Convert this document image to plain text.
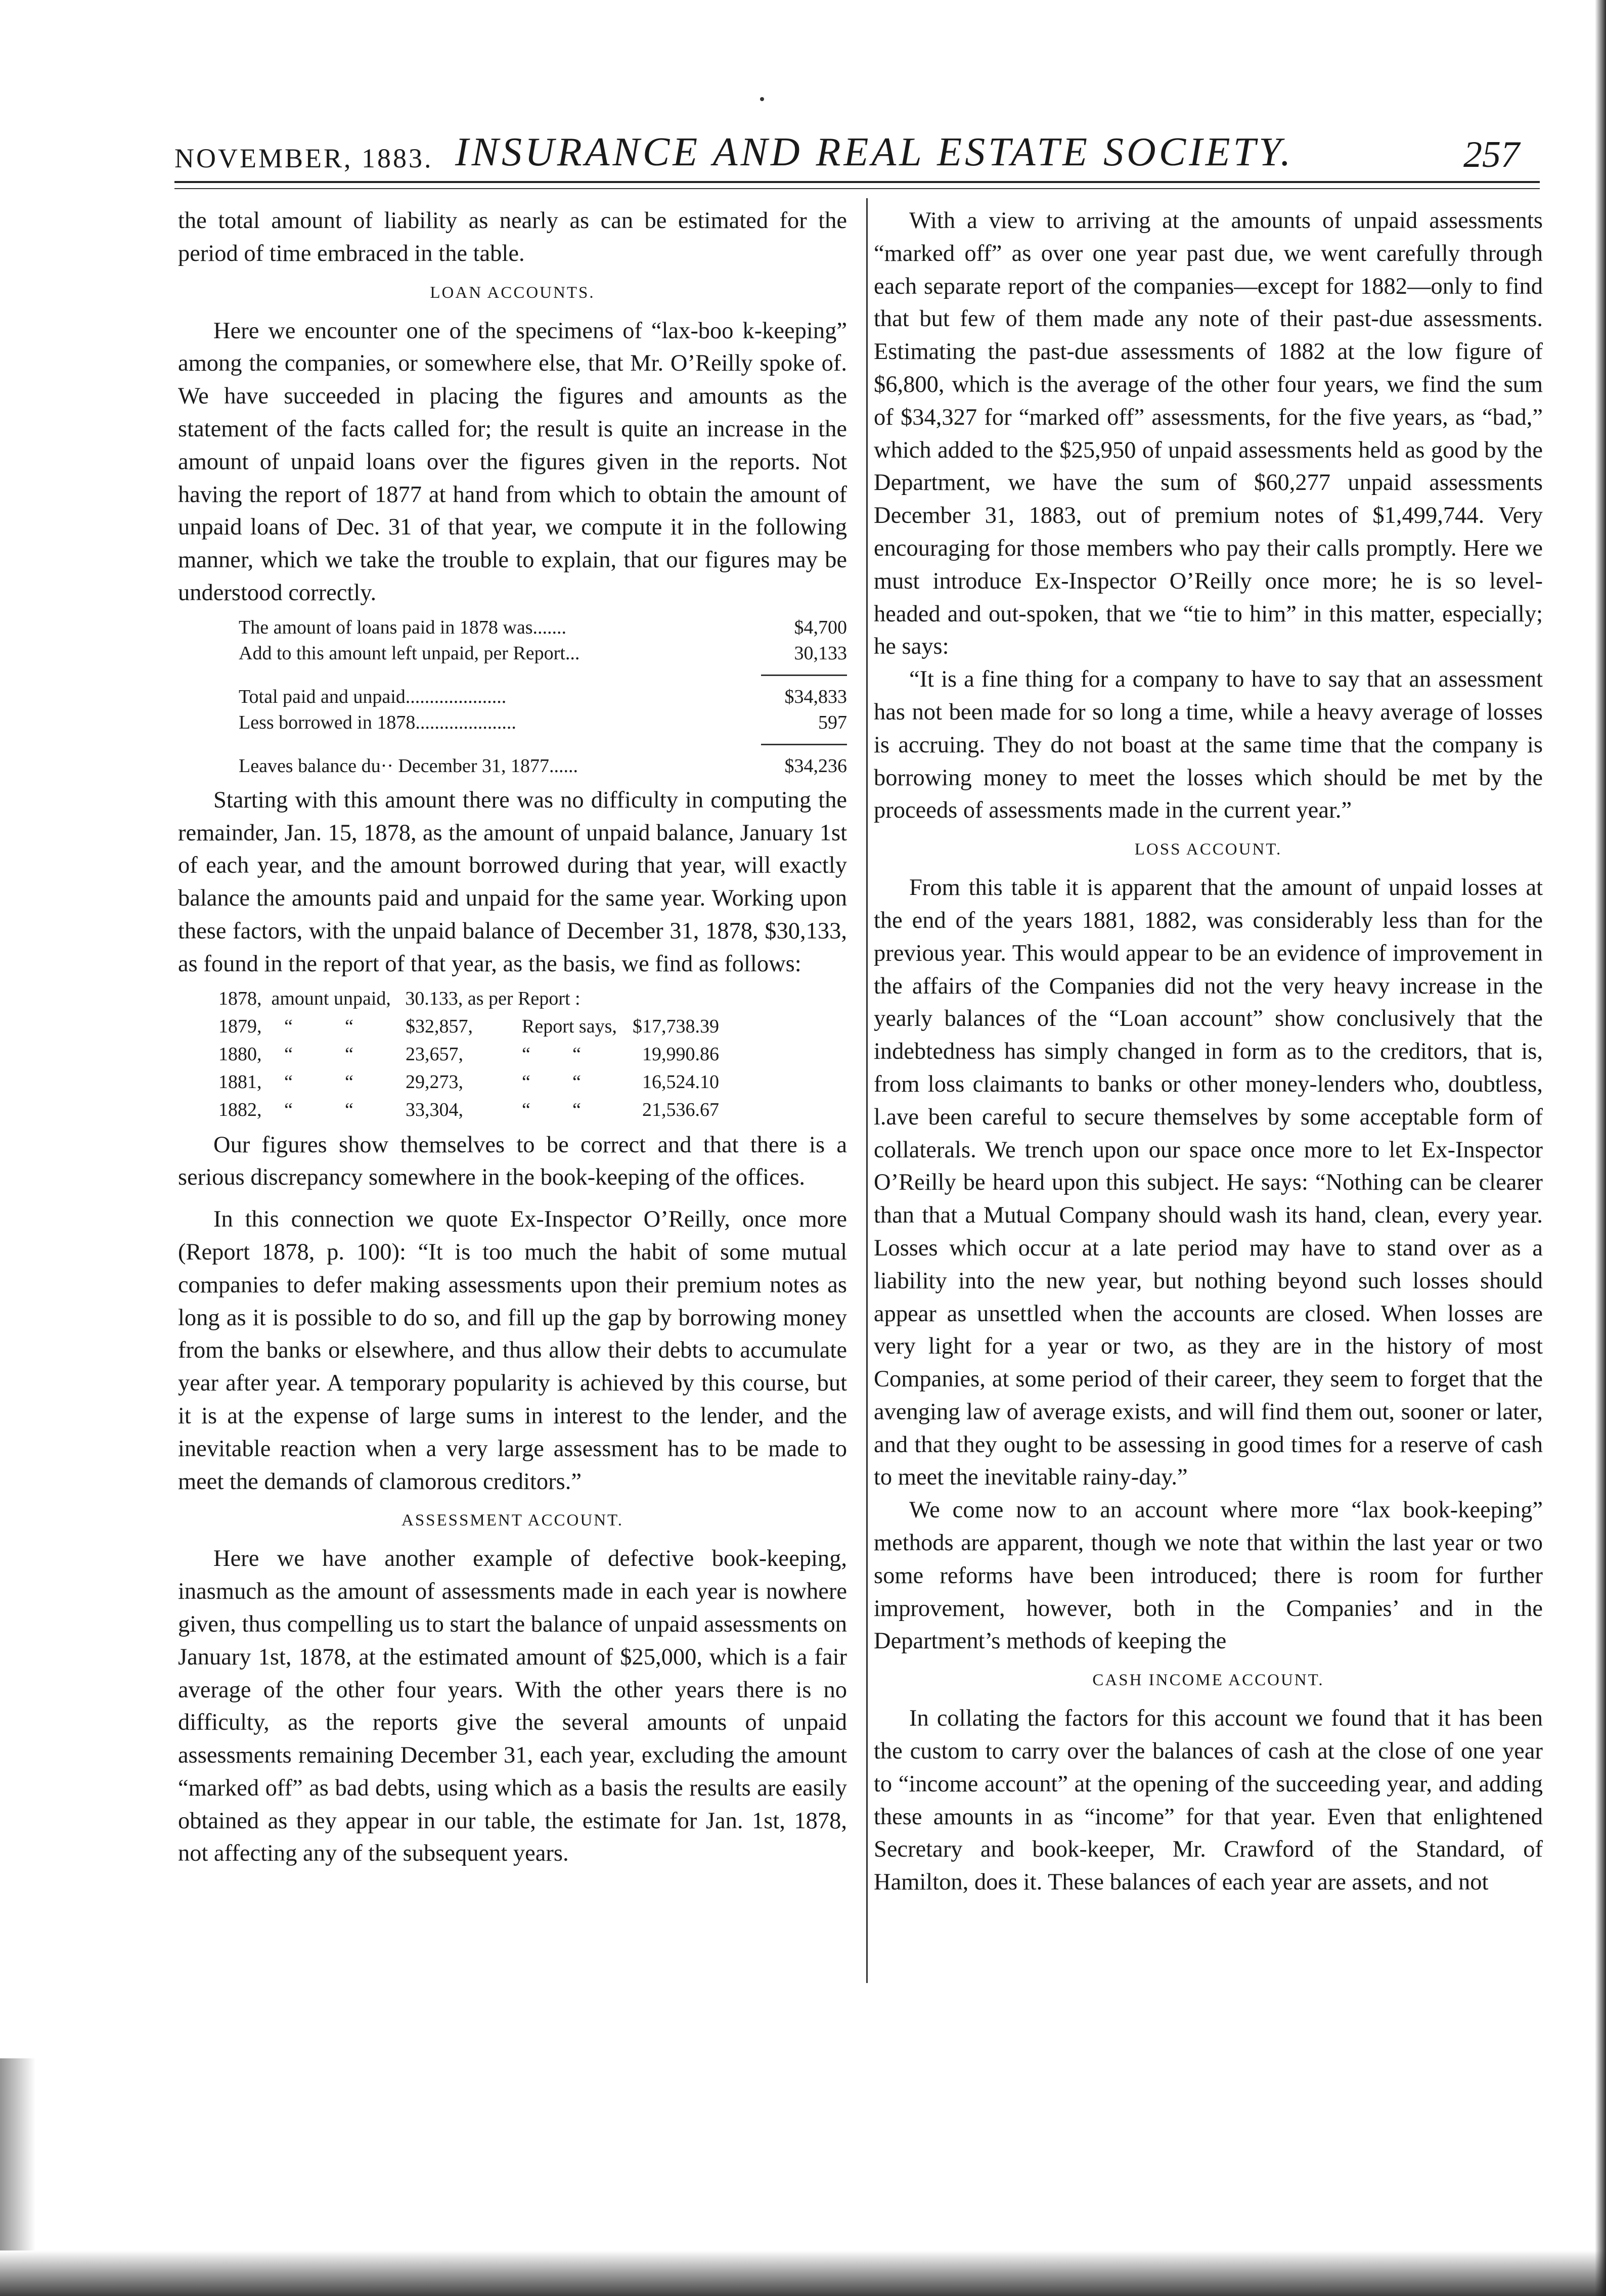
NOVEMBER, 1883. INSURANCE AND REAL ESTATE SOCIETY.	257

the total amount of liability as nearly as can be estimated for the period of time embraced in the table.

LOAN ACCOUNTS.

Here we encounter one of the specimens of “lax-boo k-keeping” among the companies, or somewhere else, that Mr. O’Reilly spoke of. We have succeeded in placing the figures and amounts as the statement of the facts called for; the result is quite an increase in the amount of unpaid loans over the figures given in the reports. Not having the report of 1877 at hand from which to obtain the amount of unpaid loans of Dec. 31 of that year, we compute it in the following manner, which we take the trouble to explain, that our figures may be understood correctly.

The amount of loans paid in 1878 was.......	$4,700
Add to this amount left unpaid, per Report...	30,133
Total paid and unpaid.....................	$34,833
Less borrowed in 1878.....................	597
Leaves balance du·· December 31, 1877......	$34,236

Starting with this amount there was no difficulty in computing the remainder, Jan. 15, 1878, as the amount of unpaid balance, January 1st of each year, and the amount borrowed during that year, will exactly balance the amounts paid and unpaid for the same year. Working upon these factors, with the unpaid balance of December 31, 1878, $30,133, as found in the report of that year, as the basis, we find as follows:

1878,  amount unpaid,   30.133, as per Report :
1879,	“	“	$32,857,	Report says, $17,738.39
1880,	“	“	23,657,	“	“	19,990.86
1881,	“	“	29,273,	“	“	16,524.10
1882,	“	“	33,304,	“	“	21,536.67

Our figures show themselves to be correct and that there is a serious discrepancy somewhere in the book-keeping of the offices.

In this connection we quote Ex-Inspector O’Reilly, once more (Report 1878, p. 100): “It is too much the habit of some mutual companies to defer making assessments upon their premium notes as long as it is possible to do so, and fill up the gap by borrowing money from the banks or elsewhere, and thus allow their debts to accumulate year after year. A temporary popularity is achieved by this course, but it is at the expense of large sums in interest to the lender, and the inevitable reaction when a very large assessment has to be made to meet the demands of clamorous creditors.”

ASSESSMENT ACCOUNT.

Here we have another example of defective book-keeping, inasmuch as the amount of assessments made in each year is nowhere given, thus compelling us to start the balance of unpaid assessments on January 1st, 1878, at the estimated amount of $25,000, which is a fair average of the other four years. With the other years there is no difficulty, as the reports give the several amounts of unpaid assessments remaining December 31, each year, excluding the amount “marked off” as bad debts, using which as a basis the results are easily obtained as they appear in our table, the estimate for Jan. 1st, 1878, not affecting any of the subsequent years.

With a view to arriving at the amounts of unpaid assessments “marked off” as over one year past due, we went carefully through each separate report of the companies—except for 1882—only to find that but few of them made any note of their past-due assessments. Estimating the past-due assessments of 1882 at the low figure of $6,800, which is the average of the other four years, we find the sum of $34,327 for “marked off” assessments, for the five years, as “bad,” which added to the $25,950 of unpaid assessments held as good by the Department, we have the sum of $60,277 unpaid assessments December 31, 1883, out of premium notes of $1,499,744. Very encouraging for those members who pay their calls promptly. Here we must introduce Ex-Inspector O’Reilly once more; he is so level-headed and out-spoken, that we “tie to him” in this matter, especially; he says:

“It is a fine thing for a company to have to say that an assessment has not been made for so long a time, while a heavy average of losses is accruing. They do not boast at the same time that the company is borrowing money to meet the losses which should be met by the proceeds of assessments made in the current year.”

LOSS ACCOUNT.

From this table it is apparent that the amount of unpaid losses at the end of the years 1881, 1882, was considerably less than for the previous year. This would appear to be an evidence of improvement in the affairs of the Companies did not the very heavy increase in the yearly balances of the “Loan account” show conclusively that the indebtedness has simply changed in form as to the creditors, that is, from loss claimants to banks or other money-lenders who, doubtless, l.ave been careful to secure themselves by some acceptable form of collaterals. We trench upon our space once more to let Ex-Inspector O’Reilly be heard upon this subject. He says: “Nothing can be clearer than that a Mutual Company should wash its hand, clean, every year. Losses which occur at a late period may have to stand over as a liability into the new year, but nothing beyond such losses should appear as unsettled when the accounts are closed. When losses are very light for a year or two, as they are in the history of most Companies, at some period of their career, they seem to forget that the avenging law of average exists, and will find them out, sooner or later, and that they ought to be assessing in good times for a reserve of cash to meet the inevitable rainy-day.”

We come now to an account where more “lax book-keeping” methods are apparent, though we note that within the last year or two some reforms have been introduced; there is room for further improvement, however, both in the Companies’ and in the Department’s methods of keeping the

CASH INCOME ACCOUNT.

In collating the factors for this account we found that it has been the custom to carry over the balances of cash at the close of one year to “income account” at the opening of the succeeding year, and adding these amounts in as “income” for that year. Even that enlightened Secretary and book-keeper, Mr. Crawford of the Standard, of Hamilton, does it. These balances of each year are assets, and not
